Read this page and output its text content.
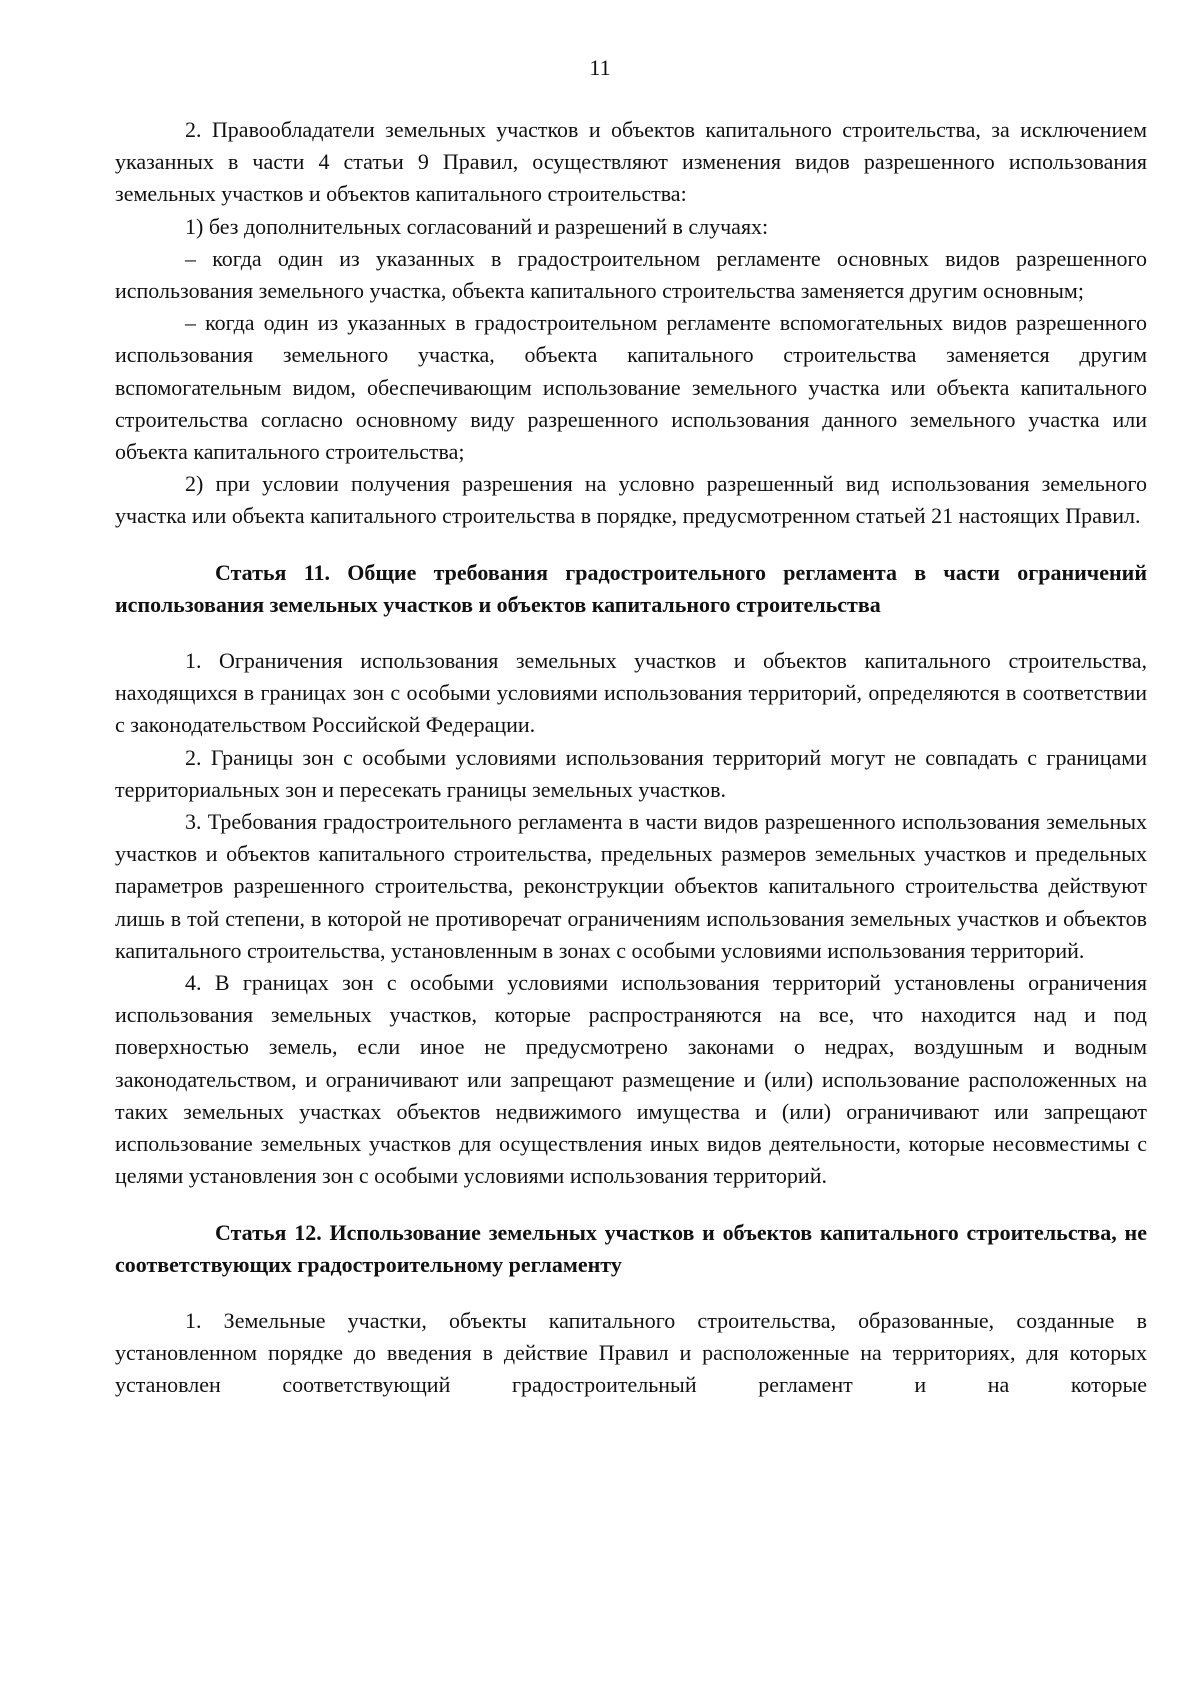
11

2. Правообладатели земельных участков и объектов капитального строительства, за исключением указанных в части 4 статьи 9 Правил, осуществляют изменения видов разрешенного использования земельных участков и объектов капитального строительства:

1) без дополнительных согласований и разрешений в случаях:

– когда один из указанных в градостроительном регламенте основных видов разрешенного использования земельного участка, объекта капитального строительства заменяется другим основным;

– когда один из указанных в градостроительном регламенте вспомогательных видов разрешенного использования земельного участка, объекта капитального строительства заменяется другим вспомогательным видом, обеспечивающим использование земельного участка или объекта капитального строительства согласно основному виду разрешенного использования данного земельного участка или объекта капитального строительства;

2) при условии получения разрешения на условно разрешенный вид использования земельного участка или объекта капитального строительства в порядке, предусмотренном статьей 21 настоящих Правил.

Статья 11. Общие требования градостроительного регламента в части ограничений использования земельных участков и объектов капитального строительства

1. Ограничения использования земельных участков и объектов капитального строительства, находящихся в границах зон с особыми условиями использования территорий, определяются в соответствии с законодательством Российской Федерации.

2. Границы зон с особыми условиями использования территорий могут не совпадать с границами территориальных зон и пересекать границы земельных участков.

3. Требования градостроительного регламента в части видов разрешенного использования земельных участков и объектов капитального строительства, предельных размеров земельных участков и предельных параметров разрешенного строительства, реконструкции объектов капитального строительства действуют лишь в той степени, в которой не противоречат ограничениям использования земельных участков и объектов капитального строительства, установленным в зонах с особыми условиями использования территорий.

4. В границах зон с особыми условиями использования территорий установлены ограничения использования земельных участков, которые распространяются на все, что находится над и под поверхностью земель, если иное не предусмотрено законами о недрах, воздушным и водным законодательством, и ограничивают или запрещают размещение и (или) использование расположенных на таких земельных участках объектов недвижимого имущества и (или) ограничивают или запрещают использование земельных участков для осуществления иных видов деятельности, которые несовместимы с целями установления зон с особыми условиями использования территорий.

Статья 12. Использование земельных участков и объектов капитального строительства, не соответствующих градостроительному регламенту

1. Земельные участки, объекты капитального строительства, образованные, созданные в установленном порядке до введения в действие Правил и расположенные на территориях, для которых установлен соответствующий градостроительный регламент и на которые
